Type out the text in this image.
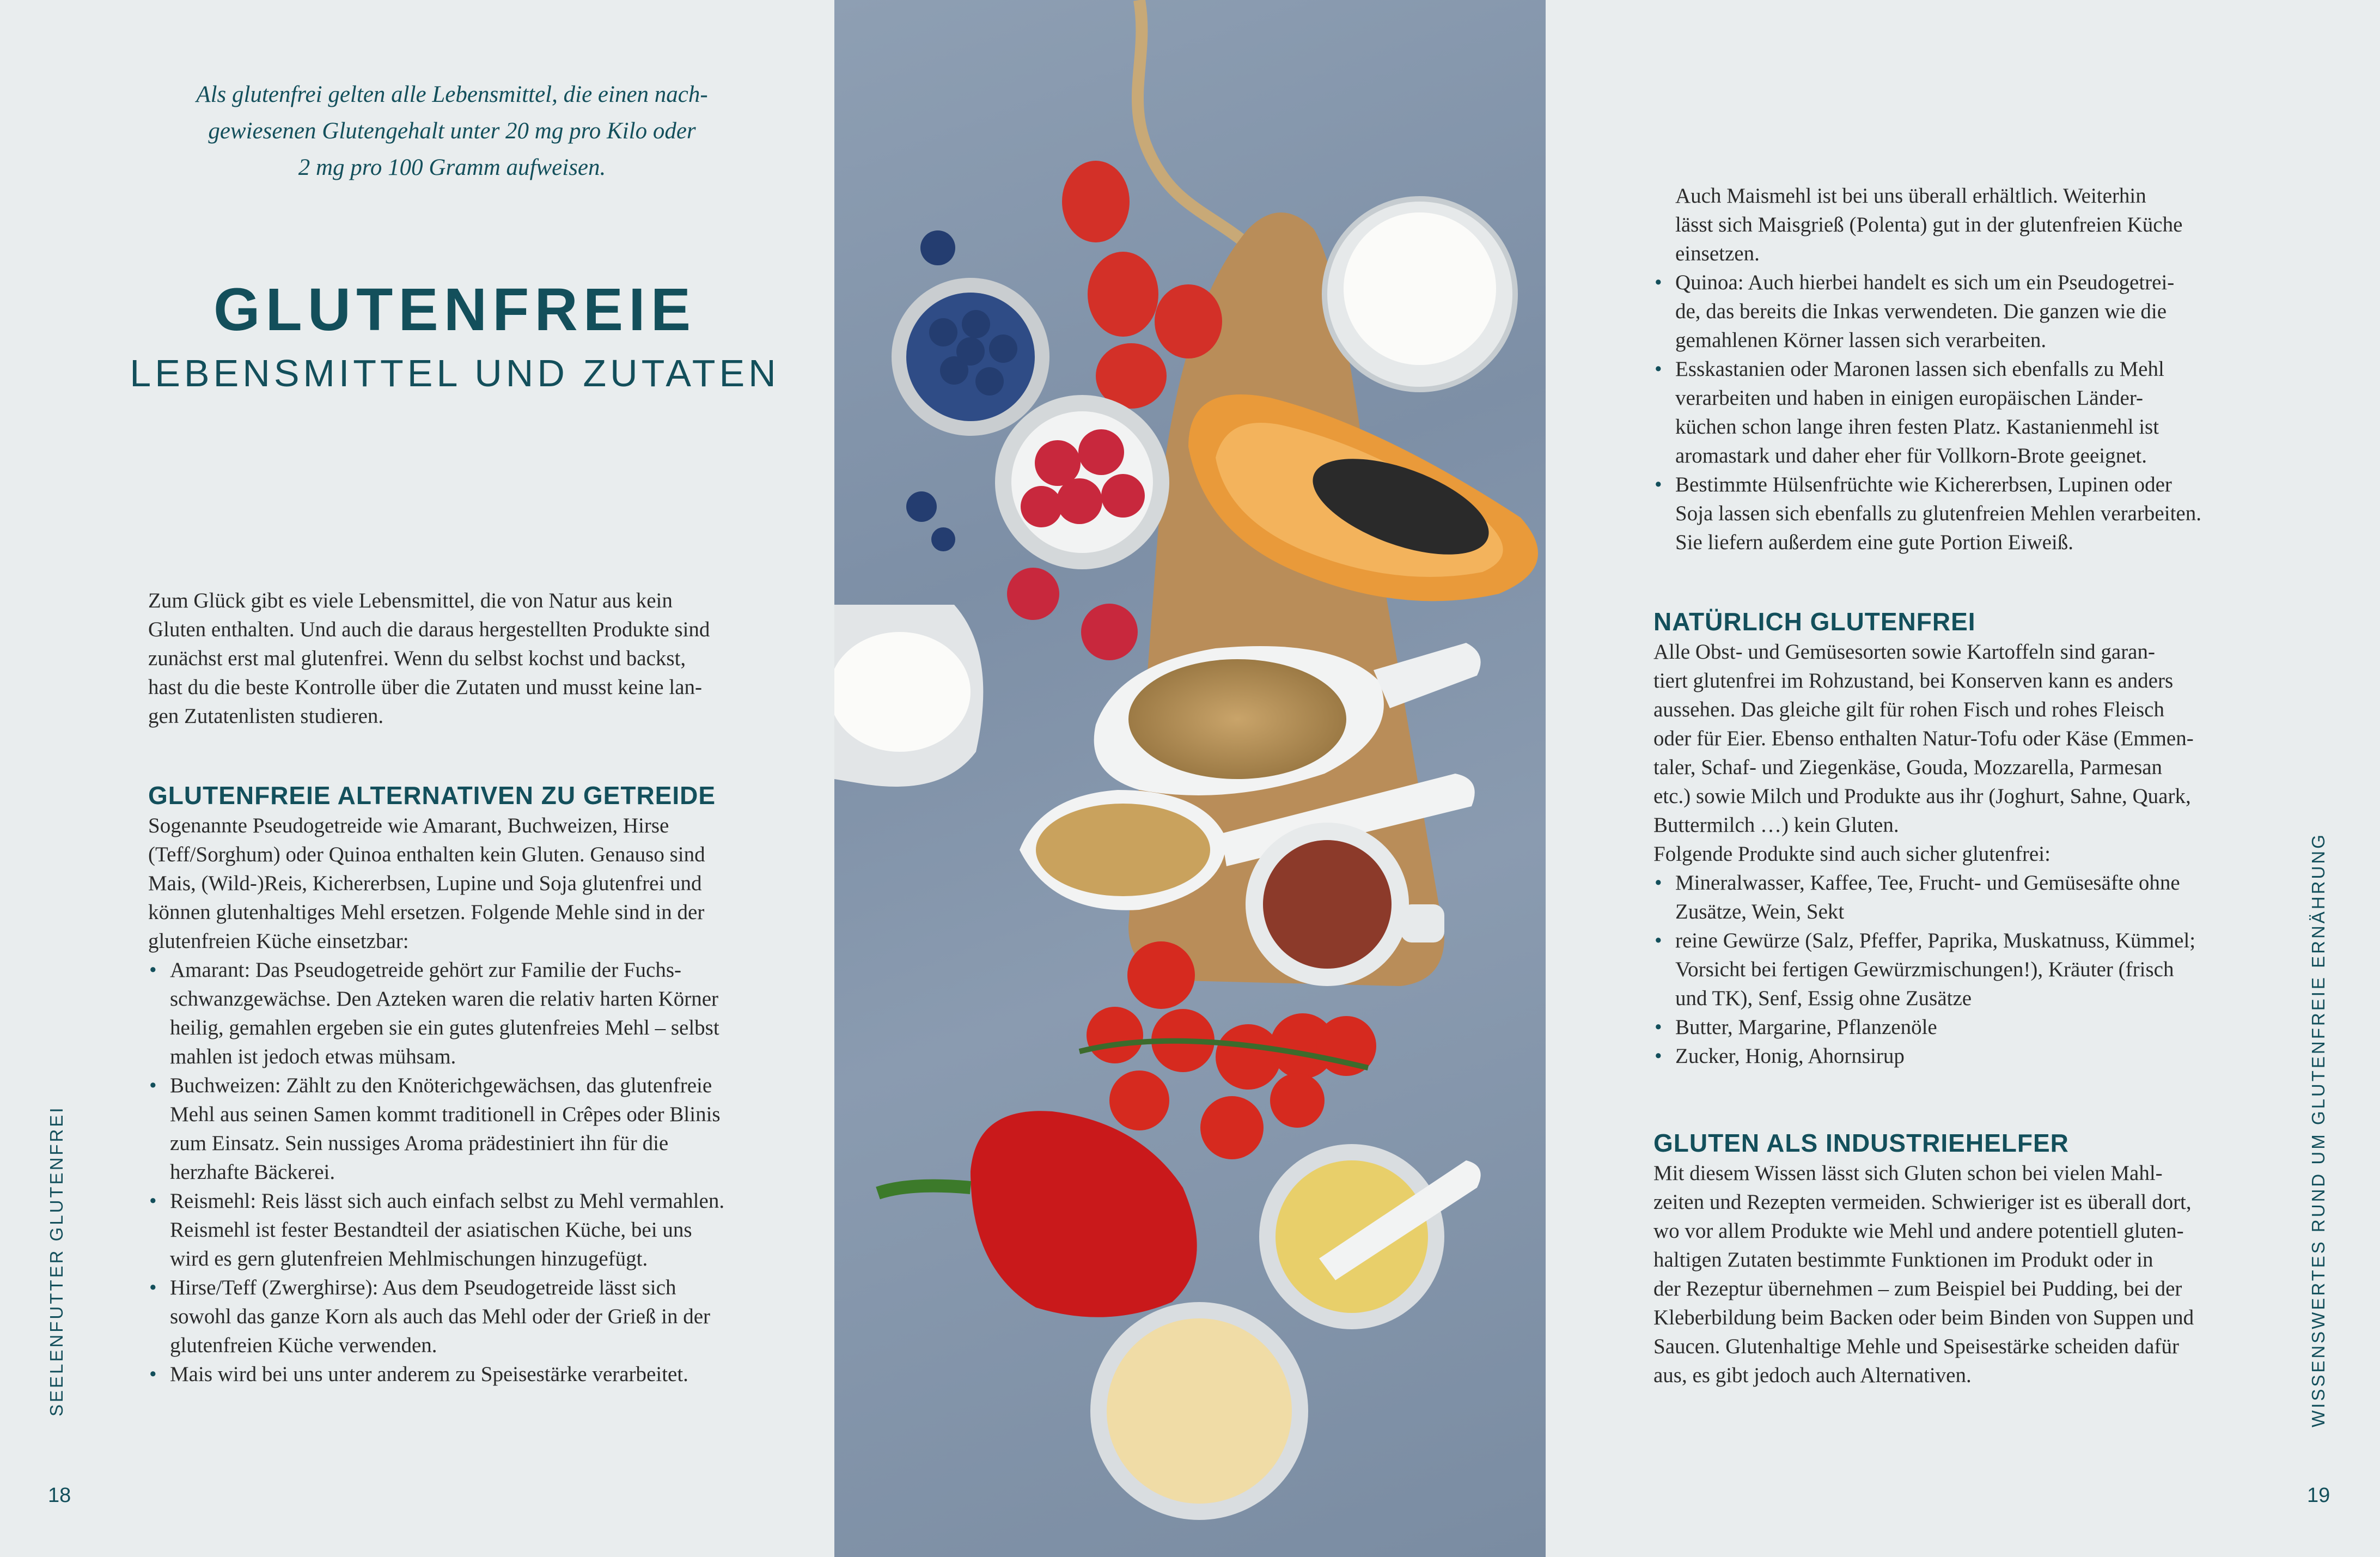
Als glutenfrei gelten alle Lebensmittel, die einen nach-

gewiesenen Glutengehalt unter 20 mg pro Kilo oder

2 mg pro 100 Gramm aufweisen.

GLUTENFREIE
LEBENSMITTEL UND ZUTATEN

Zum Glück gibt es viele Lebensmittel, die von Natur aus kein

Gluten enthalten. Und auch die daraus hergestellten Produkte sind

zunächst erst mal glutenfrei. Wenn du selbst kochst und backst,

hast du die beste Kontrolle über die Zutaten und musst keine lan-

gen Zutatenlisten studieren.

GLUTENFREIE ALTERNATIVEN ZU GETREIDE

Sogenannte Pseudogetreide wie Amarant, Buchweizen, Hirse

(Teff/Sorghum) oder Quinoa enthalten kein Gluten. Genauso sind

Mais, (Wild-)Reis, Kichererbsen, Lupine und Soja glutenfrei und

können glutenhaltiges Mehl ersetzen. Folgende Mehle sind in der

glutenfreien Küche einsetzbar:

• Amarant: Das Pseudogetreide gehört zur Familie der Fuchs-

schwanzgewächse. Den Azteken waren die relativ harten Körner

heilig, gemahlen ergeben sie ein gutes glutenfreies Mehl – selbst

mahlen ist jedoch etwas mühsam.

• Buchweizen: Zählt zu den Knöterichgewächsen, das glutenfreie

Mehl aus seinen Samen kommt traditionell in Crêpes oder Blinis

zum Einsatz. Sein nussiges Aroma prädestiniert ihn für die

herzhafte Bäckerei.

• Reismehl: Reis lässt sich auch einfach selbst zu Mehl vermahlen.

Reismehl ist fester Bestandteil der asiatischen Küche, bei uns

wird es gern glutenfreien Mehlmischungen hinzugefügt.

• Hirse/Teff (Zwerghirse): Aus dem Pseudogetreide lässt sich

sowohl das ganze Korn als auch das Mehl oder der Grieß in der

glutenfreien Küche verwenden.

• Mais wird bei uns unter anderem zu Speisestärke verarbeitet.

SEELENFUTTER GLUTENFREI
18

Auch Maismehl ist bei uns überall erhältlich. Weiterhin

lässt sich Maisgrieß (Polenta) gut in der glutenfreien Küche

einsetzen.

• Quinoa: Auch hierbei handelt es sich um ein Pseudogetrei-

de, das bereits die Inkas verwendeten. Die ganzen wie die

gemahlenen Körner lassen sich verarbeiten.

• Esskastanien oder Maronen lassen sich ebenfalls zu Mehl

verarbeiten und haben in einigen europäischen Länder-

küchen schon lange ihren festen Platz. Kastanienmehl ist

aromastark und daher eher für Vollkorn-Brote geeignet.

• Bestimmte Hülsenfrüchte wie Kichererbsen, Lupinen oder

Soja lassen sich ebenfalls zu glutenfreien Mehlen verarbeiten.

Sie liefern außerdem eine gute Portion Eiweiß.

NATÜRLICH GLUTENFREI

Alle Obst- und Gemüsesorten sowie Kartoffeln sind garan-

tiert glutenfrei im Rohzustand, bei Konserven kann es anders

aussehen. Das gleiche gilt für rohen Fisch und rohes Fleisch

oder für Eier. Ebenso enthalten Natur-Tofu oder Käse (Emmen-

taler, Schaf- und Ziegenkäse, Gouda, Mozzarella, Parmesan

etc.) sowie Milch und Produkte aus ihr (Joghurt, Sahne, Quark,

Buttermilch …) kein Gluten.

Folgende Produkte sind auch sicher glutenfrei:

• Mineralwasser, Kaffee, Tee, Frucht- und Gemüsesäfte ohne

Zusätze, Wein, Sekt

• reine Gewürze (Salz, Pfeffer, Paprika, Muskatnuss, Kümmel;

Vorsicht bei fertigen Gewürzmischungen!), Kräuter (frisch

und TK), Senf, Essig ohne Zusätze

• Butter, Margarine, Pflanzenöle

• Zucker, Honig, Ahornsirup

GLUTEN ALS INDUSTRIEHELFER

Mit diesem Wissen lässt sich Gluten schon bei vielen Mahl-

zeiten und Rezepten vermeiden. Schwieriger ist es überall dort,

wo vor allem Produkte wie Mehl und andere potentiell gluten-

haltigen Zutaten bestimmte Funktionen im Produkt oder in

der Rezeptur übernehmen – zum Beispiel bei Pudding, bei der

Kleberbildung beim Backen oder beim Binden von Suppen und

Saucen. Glutenhaltige Mehle und Speisestärke scheiden dafür

aus, es gibt jedoch auch Alternativen.	WISSENSWERTES RUND UM GLUTENFREIE ERNÄHRUNG
19
